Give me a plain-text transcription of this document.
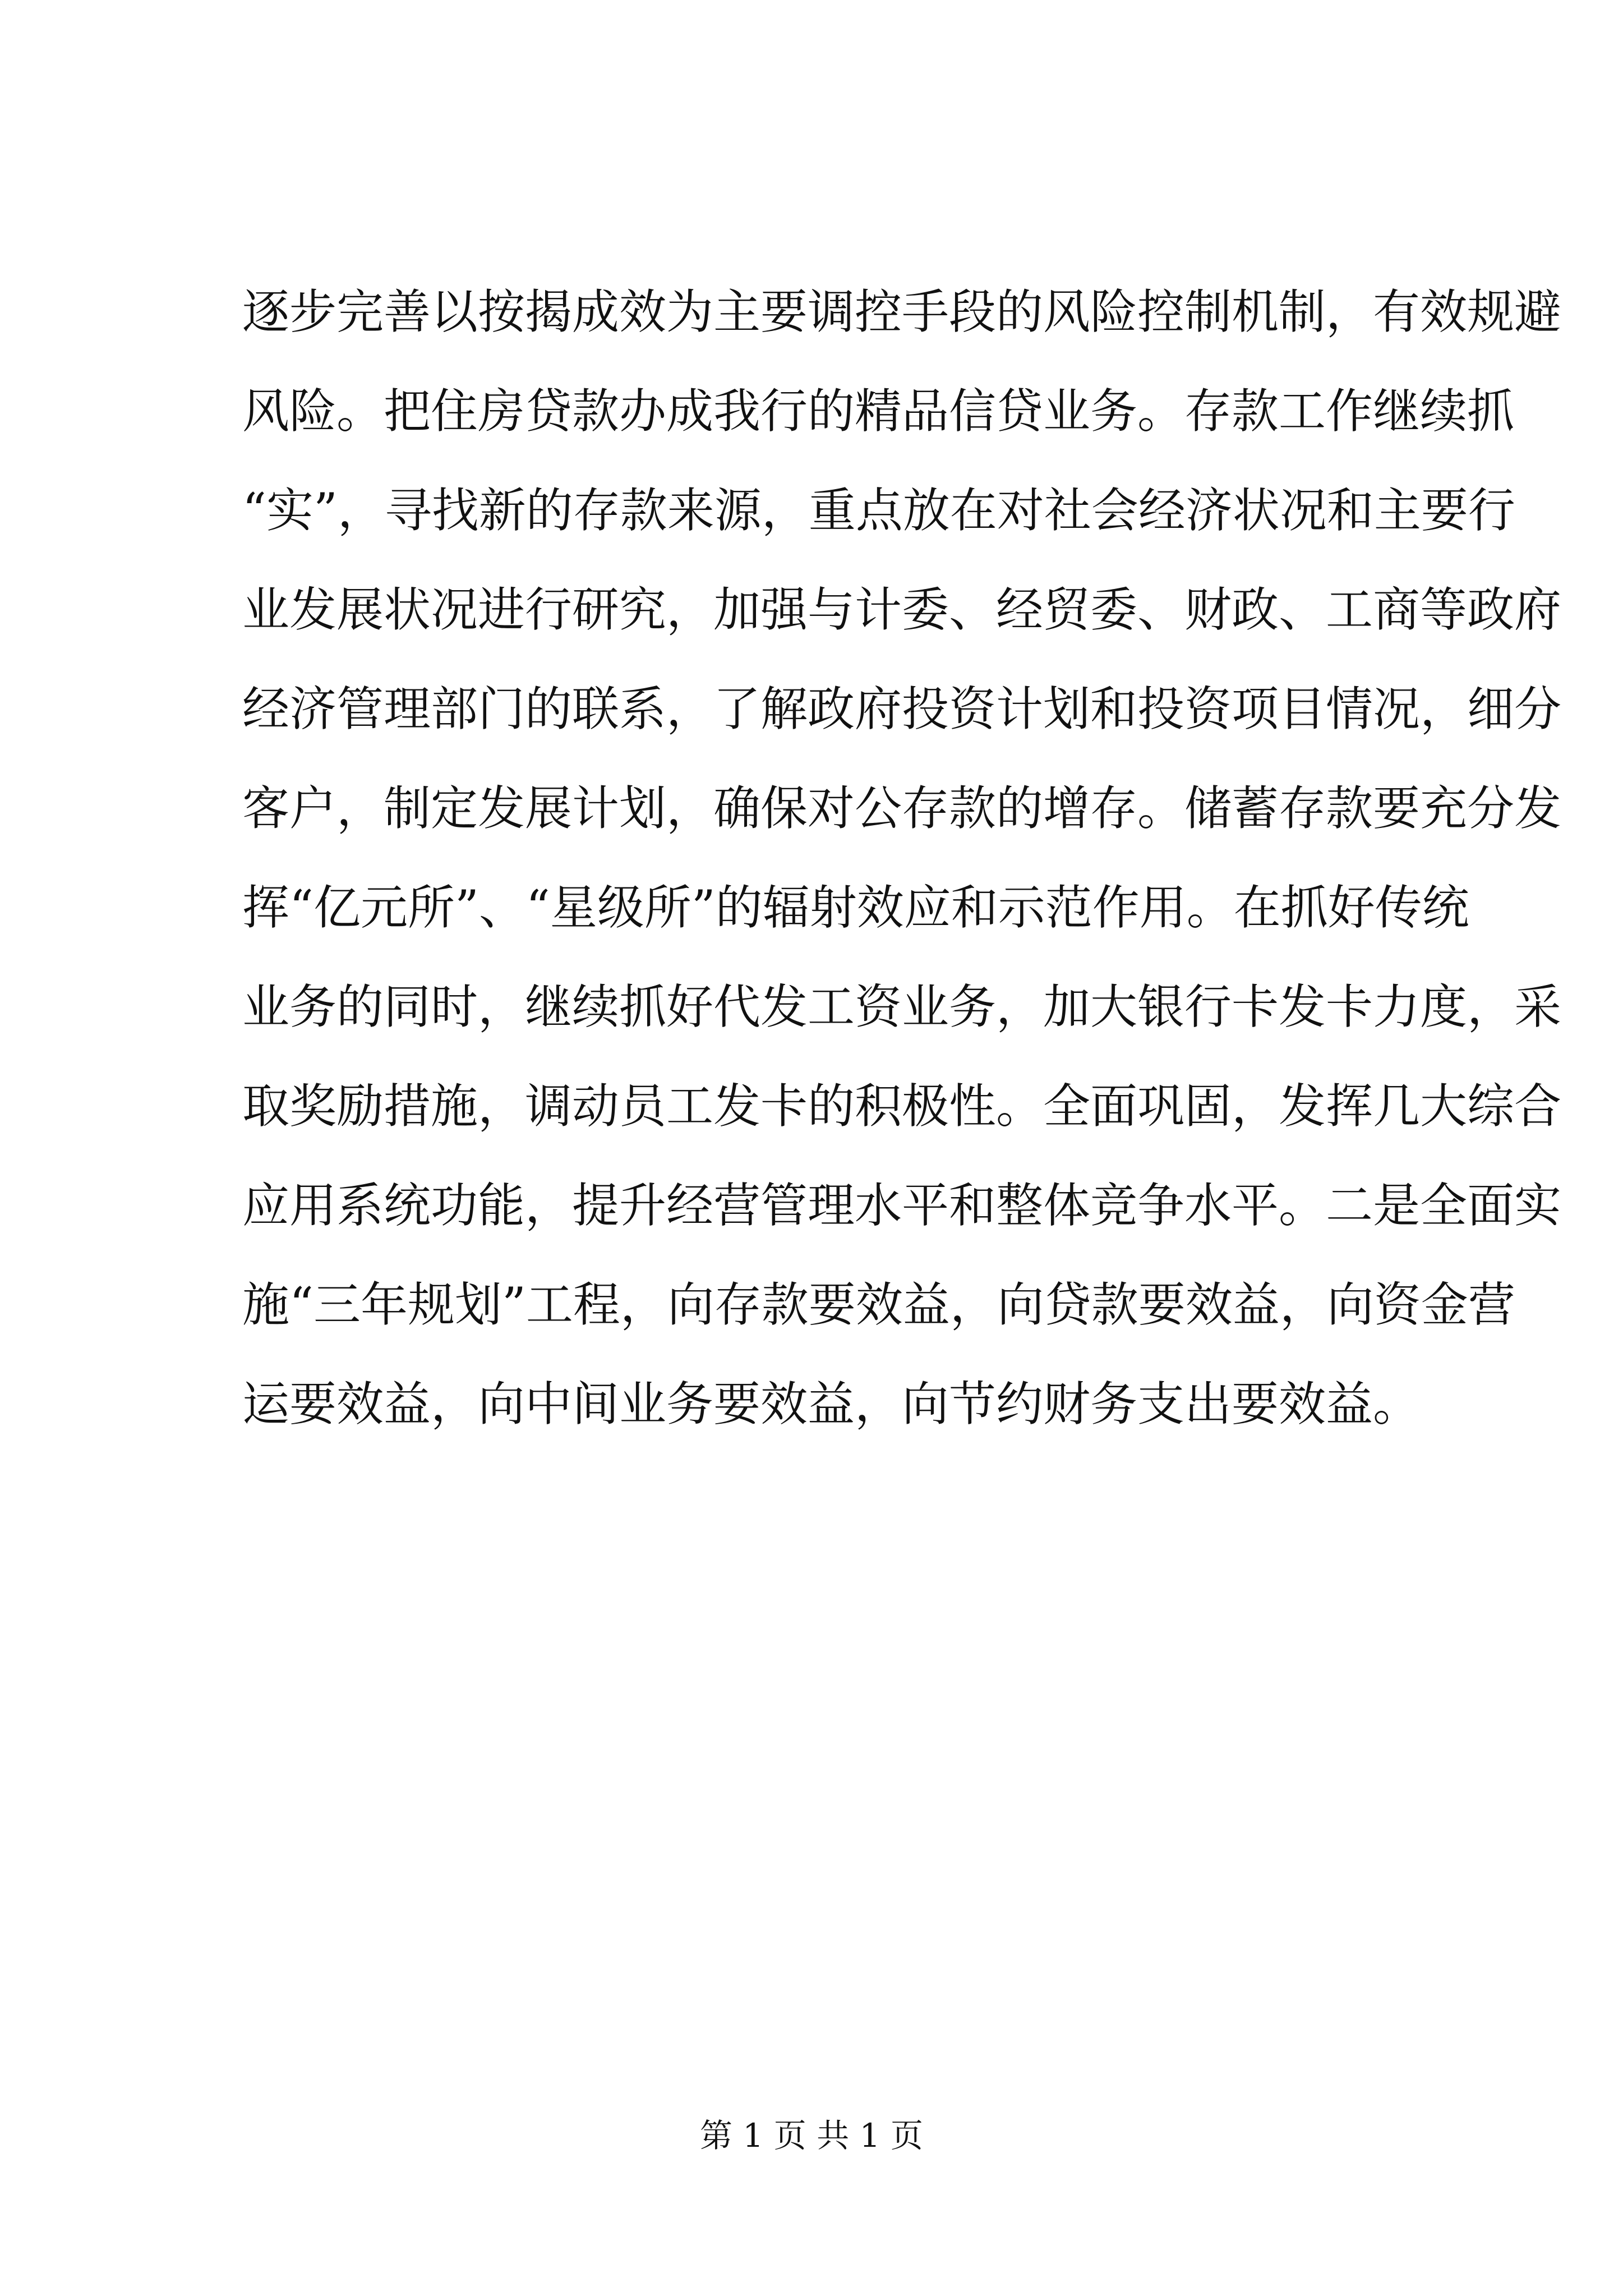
逐步完善以按揭成效为主要调控手段的风险控制机制，有效规避
风险。把住房贷款办成我行的精品信贷业务。存款工作继续抓
“实”，寻找新的存款来源，重点放在对社会经济状况和主要行
业发展状况进行研究，加强与计委、经贸委、财政、工商等政府
经济管理部门的联系，了解政府投资计划和投资项目情况，细分
客户，制定发展计划，确保对公存款的增存。储蓄存款要充分发
挥“亿元所”、“星级所”的辐射效应和示范作用。在抓好传统
业务的同时，继续抓好代发工资业务，加大银行卡发卡力度，采
取奖励措施，调动员工发卡的积极性。全面巩固，发挥几大综合
应用系统功能，提升经营管理水平和整体竞争水平。二是全面实
施“三年规划”工程，向存款要效益，向贷款要效益，向资金营
运要效益，向中间业务要效益，向节约财务支出要效益。
第 1 页 共 1 页
